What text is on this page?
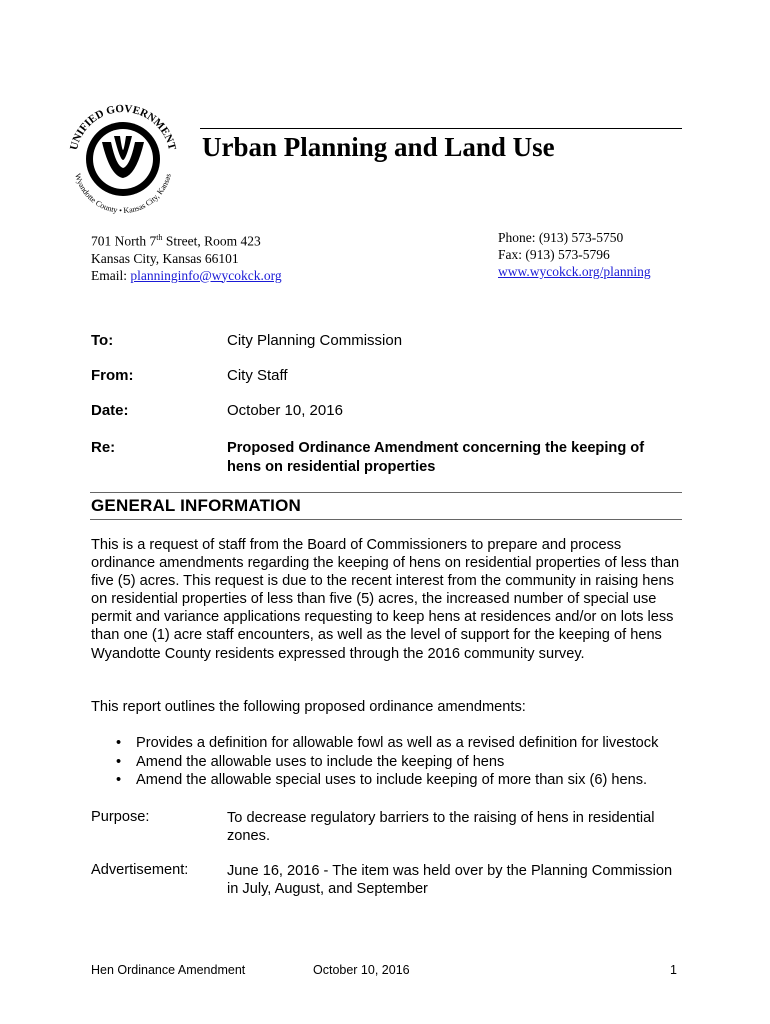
UNIFIED GOVERNMENT
Wyandotte County • Kansas City, Kansas
Urban Planning and Land Use
701 North 7th Street, Room 423
Kansas City, Kansas 66101
Email: planninginfo@wycokck.org
Phone: (913) 573-5750
Fax: (913) 573-5796
www.wycokck.org/planning
To:	City Planning Commission
From:	City Staff
Date:	October 10, 2016
Re:	Proposed Ordinance Amendment concerning the keeping of
hens on residential properties
GENERAL INFORMATION
This is a request of staff from the Board of Commissioners to prepare and process ordinance amendments regarding the keeping of hens on residential properties of less than five (5) acres. This request is due to the recent interest from the community in raising hens on residential properties of less than five (5) acres, the increased number of special use permit and variance applications requesting to keep hens at residences and/or on lots less than one (1) acre staff encounters, as well as the level of support for the keeping of hens Wyandotte County residents expressed through the 2016 community survey.
This report outlines the following proposed ordinance amendments:
• Provides a definition for allowable fowl as well as a revised definition for livestock
• Amend the allowable uses to include the keeping of hens
• Amend the allowable special uses to include keeping of more than six (6) hens.
Purpose:	To decrease regulatory barriers to the raising of hens in residential zones.
Advertisement:	June 16, 2016 - The item was held over by the Planning Commission in July, August, and September
Hen Ordinance Amendment	October 10, 2016	1
